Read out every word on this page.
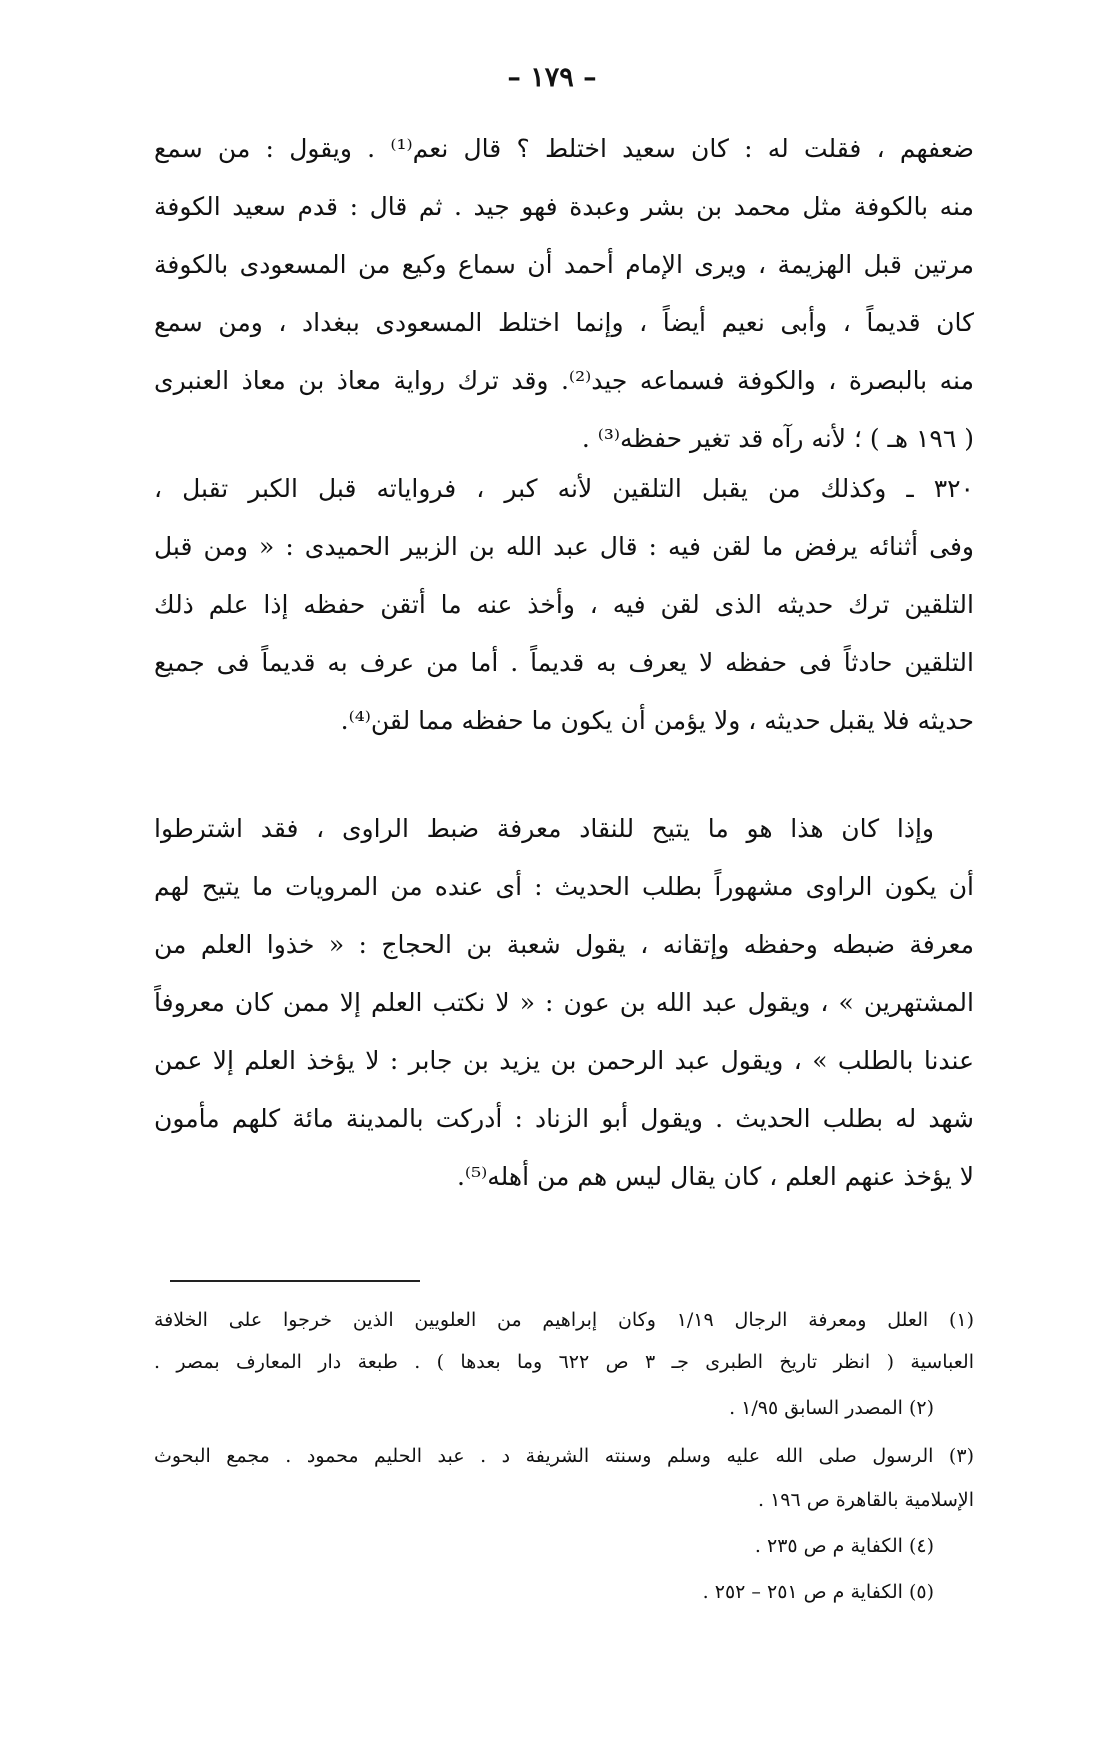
– ١٧٩ –
ضعفهم ، فقلت له : كان سعيد اختلط ؟ قال نعم⁽¹⁾ . ويقول : من سمع
منه بالكوفة مثل محمد بن بشر وعبدة فهو جيد . ثم قال : قدم سعيد الكوفة
مرتين قبل الهزيمة ، ويرى الإمام أحمد أن سماع وكيع من المسعودى بالكوفة
كان قديماً ، وأبى نعيم أيضاً ، وإنما اختلط المسعودى ببغداد ، ومن سمع
منه بالبصرة ، والكوفة فسماعه جيد⁽²⁾. وقد ترك رواية معاذ بن معاذ العنبرى
( ١٩٦ هـ ) ؛ لأنه رآه قد تغير حفظه⁽³⁾ .
٣٢٠ ـ وكذلك من يقبل التلقين لأنه كبر ، فرواياته قبل الكبر تقبل ،
وفى أثنائه يرفض ما لقن فيه : قال عبد الله بن الزبير الحميدى : « ومن قبل
التلقين ترك حديثه الذى لقن فيه ، وأخذ عنه ما أتقن حفظه إذا علم ذلك
التلقين حادثاً فى حفظه لا يعرف به قديماً . أما من عرف به قديماً فى جميع
حديثه فلا يقبل حديثه ، ولا يؤمن أن يكون ما حفظه مما لقن⁽⁴⁾.
وإذا كان هذا هو ما يتيح للنقاد معرفة ضبط الراوى ، فقد اشترطوا
أن يكون الراوى مشهوراً بطلب الحديث : أى عنده من المرويات ما يتيح لهم
معرفة ضبطه وحفظه وإتقانه ، يقول شعبة بن الحجاج : « خذوا العلم من
المشتهرين » ، ويقول عبد الله بن عون : « لا نكتب العلم إلا ممن كان معروفاً
عندنا بالطلب » ، ويقول عبد الرحمن بن يزيد بن جابر : لا يؤخذ العلم إلا عمن
شهد له بطلب الحديث . ويقول أبو الزناد : أدركت بالمدينة مائة كلهم مأمون
لا يؤخذ عنهم العلم ، كان يقال ليس هم من أهله⁽⁵⁾.
(١) العلل ومعرفة الرجال ١/١٩ وكان إبراهيم من العلويين الذين خرجوا على الخلافة
العباسية ( انظر تاريخ الطبرى جـ ٣ ص ٦٢٢ وما بعدها ) . طبعة دار المعارف بمصر .
(٢) المصدر السابق ١/٩٥ .
(٣) الرسول صلى الله عليه وسلم وسنته الشريفة د . عبد الحليم محمود . مجمع البحوث
الإسلامية بالقاهرة ص ١٩٦ .
(٤) الكفاية م ص ٢٣٥ .
(٥) الكفاية م ص ٢٥١ – ٢٥٢ .
